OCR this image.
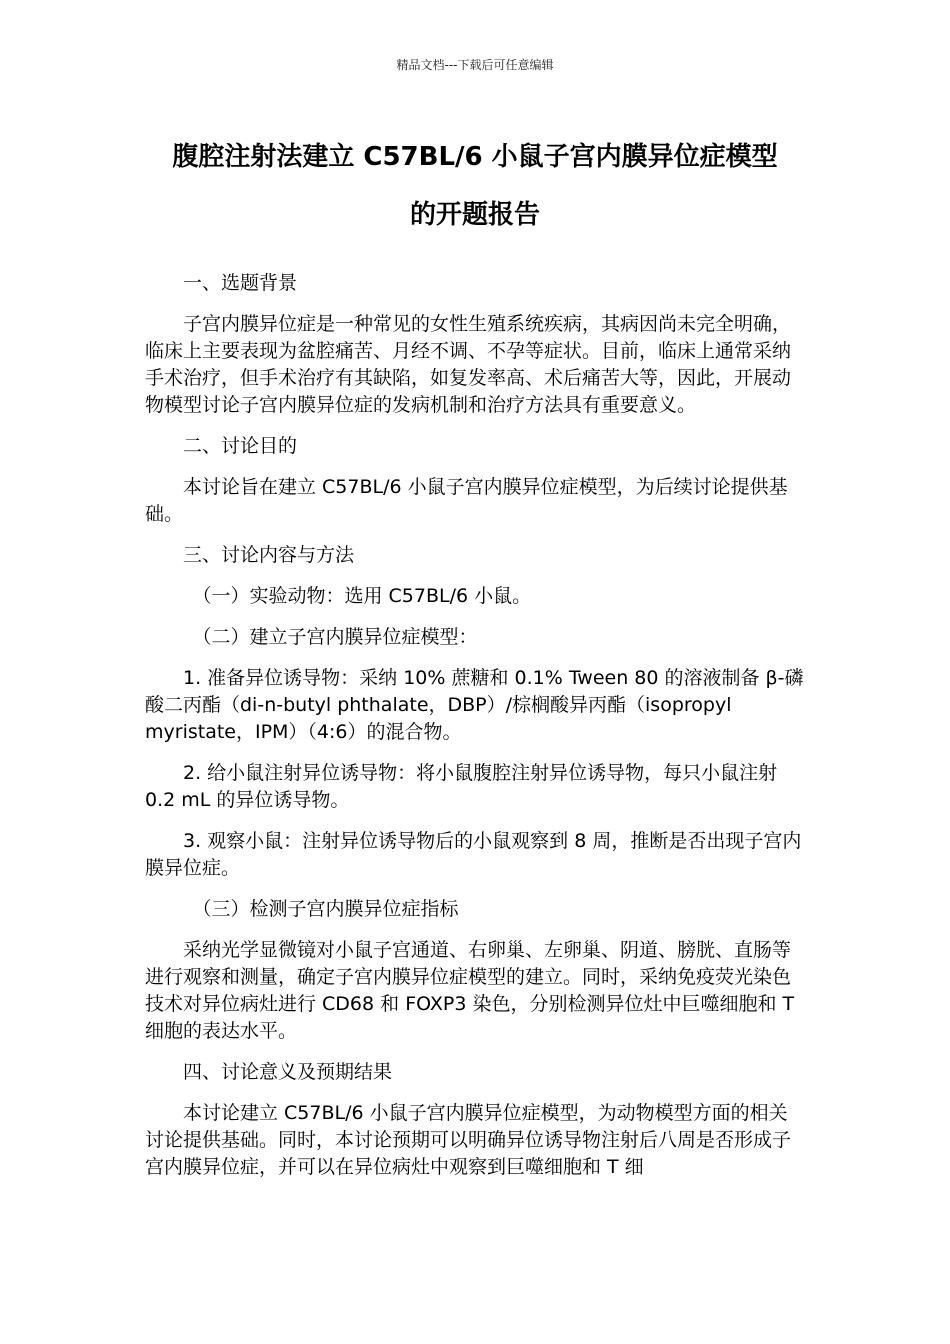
精品文档---下载后可任意编辑
腹腔注射法建立 C57BL/6 小鼠子宫内膜异位症模型
的开题报告

一、选题背景

子宫内膜异位症是一种常见的女性生殖系统疾病，其病因尚未完全明确，临床上主要表现为盆腔痛苦、月经不调、不孕等症状。目前，临床上通常采纳手术治疗，但手术治疗有其缺陷，如复发率高、术后痛苦大等，因此，开展动物模型讨论子宫内膜异位症的发病机制和治疗方法具有重要意义。

二、讨论目的

本讨论旨在建立 C57BL/6 小鼠子宫内膜异位症模型，为后续讨论提供基础。

三、讨论内容与方法

（一）实验动物：选用 C57BL/6 小鼠。

（二）建立子宫内膜异位症模型：

1. 准备异位诱导物：采纳 10% 蔗糖和 0.1% Tween 80 的溶液制备 β-磷酸二丙酯（di-n-butyl phthalate，DBP）/棕榈酸异丙酯（isopropyl myristate，IPM）（4:6）的混合物。

2. 给小鼠注射异位诱导物：将小鼠腹腔注射异位诱导物，每只小鼠注射 0.2 mL 的异位诱导物。

3. 观察小鼠：注射异位诱导物后的小鼠观察到 8 周，推断是否出现子宫内膜异位症。

（三）检测子宫内膜异位症指标

采纳光学显微镜对小鼠子宫通道、右卵巢、左卵巢、阴道、膀胱、直肠等进行观察和测量，确定子宫内膜异位症模型的建立。同时，采纳免疫荧光染色技术对异位病灶进行 CD68 和 FOXP3 染色，分别检测异位灶中巨噬细胞和 T 细胞的表达水平。

四、讨论意义及预期结果

本讨论建立 C57BL/6 小鼠子宫内膜异位症模型，为动物模型方面的相关讨论提供基础。同时，本讨论预期可以明确异位诱导物注射后八周是否形成子宫内膜异位症，并可以在异位病灶中观察到巨噬细胞和 T 细
